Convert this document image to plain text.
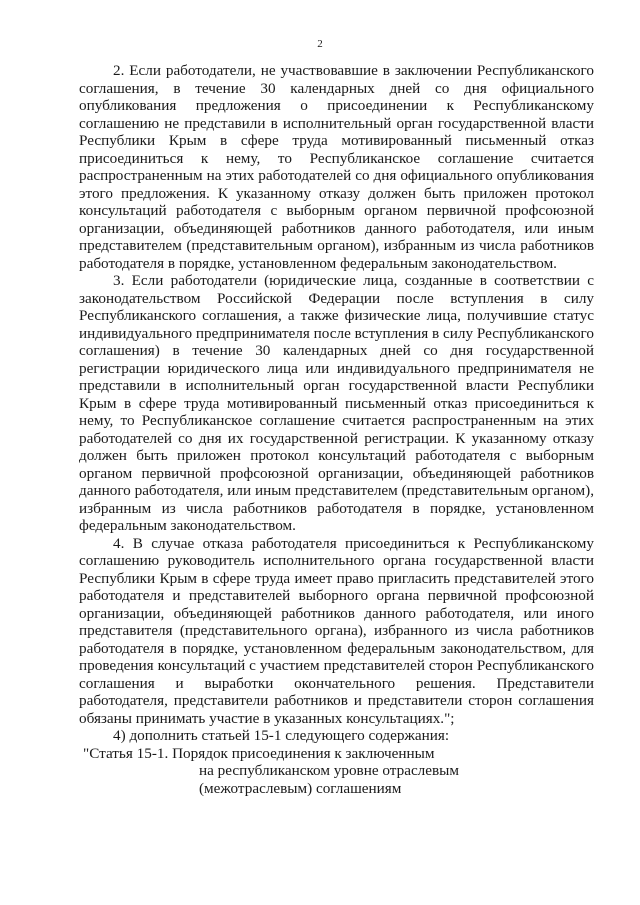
2

2. Если работодатели, не участвовавшие в заключении Республиканского соглашения, в течение 30 календарных дней со дня официального опубликования предложения о присоединении к Республиканскому соглашению не представили в исполнительный орган государственной власти Республики Крым в сфере труда мотивированный письменный отказ присоединиться к нему, то Республиканское соглашение считается распространенным на этих работодателей со дня официального опубликования этого предложения. К указанному отказу должен быть приложен протокол консультаций работодателя с выборным органом первичной профсоюзной организации, объединяющей работников данного работодателя, или иным представителем (представительным органом), избранным из числа работников работодателя в порядке, установленном федеральным законодательством.

3. Если работодатели (юридические лица, созданные в соответствии с законодательством Российской Федерации после вступления в силу Республиканского соглашения, а также физические лица, получившие статус индивидуального предпринимателя после вступления в силу Республиканского соглашения) в течение 30 календарных дней со дня государственной регистрации юридического лица или индивидуального предпринимателя не представили в исполнительный орган государственной власти Республики Крым в сфере труда мотивированный письменный отказ присоединиться к нему, то Республиканское соглашение считается распространенным на этих работодателей со дня их государственной регистрации. К указанному отказу должен быть приложен протокол консультаций работодателя с выборным органом первичной профсоюзной организации, объединяющей работников данного работодателя, или иным представителем (представительным органом), избранным из числа работников работодателя в порядке, установленном федеральным законодательством.

4. В случае отказа работодателя присоединиться к Республиканскому соглашению руководитель исполнительного органа государственной власти Республики Крым в сфере труда имеет право пригласить представителей этого работодателя и представителей выборного органа первичной профсоюзной организации, объединяющей работников данного работодателя, или иного представителя (представительного органа), избранного из числа работников работодателя в порядке, установленном федеральным законодательством, для проведения консультаций с участием представителей сторон Республиканского соглашения и выработки окончательного решения. Представители работодателя, представители работников и представители сторон соглашения обязаны принимать участие в указанных консультациях.";

4) дополнить статьей 15-1 следующего содержания:

"Статья 15-1. Порядок присоединения к заключенным
на республиканском уровне отраслевым
(межотраслевым) соглашениям
